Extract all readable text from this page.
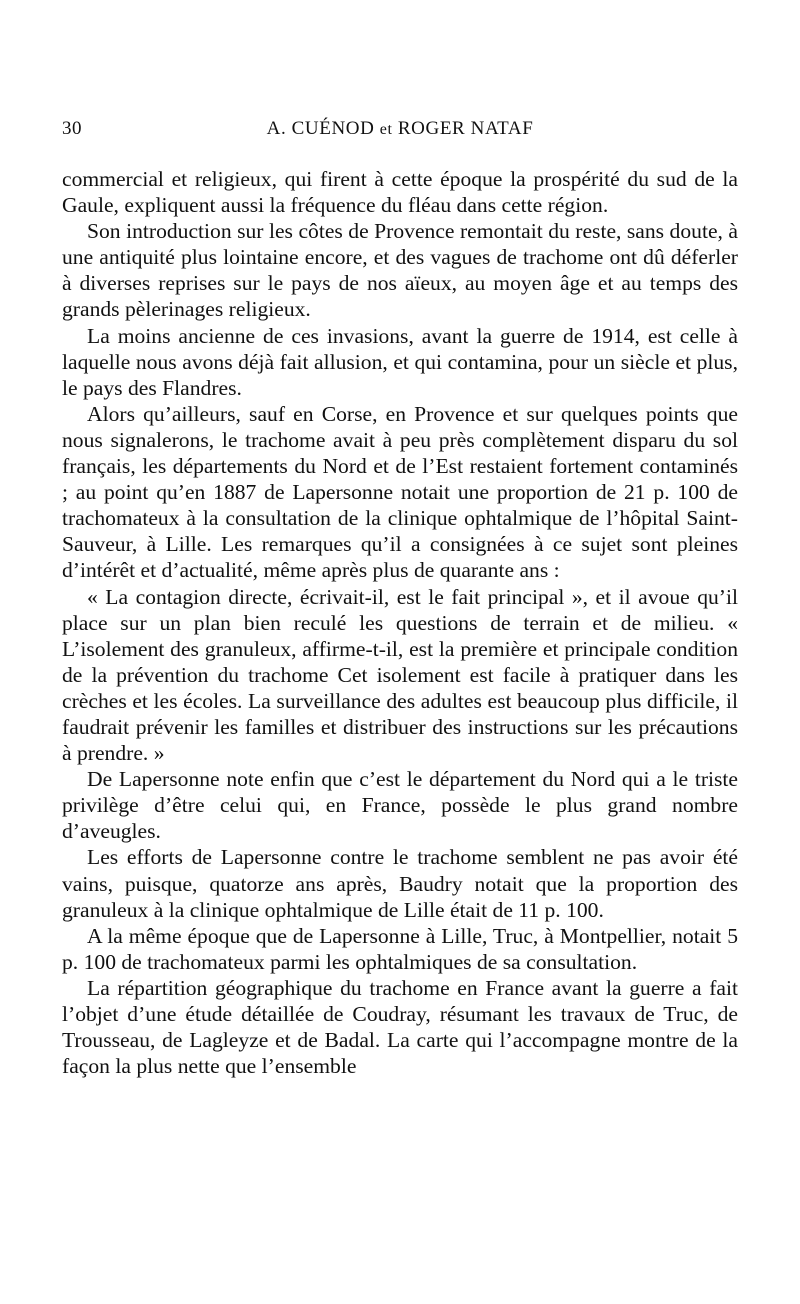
30	A. CUÉNOD et ROGER NATAF

commercial et religieux, qui firent à cette époque la prospérité du sud de la Gaule, expliquent aussi la fréquence du fléau dans cette région.

Son introduction sur les côtes de Provence remontait du reste, sans doute, à une antiquité plus lointaine encore, et des vagues de trachome ont dû déferler à diverses reprises sur le pays de nos aïeux, au moyen âge et au temps des grands pèlerinages religieux.

La moins ancienne de ces invasions, avant la guerre de 1914, est celle à laquelle nous avons déjà fait allusion, et qui contamina, pour un siècle et plus, le pays des Flandres.

Alors qu’ailleurs, sauf en Corse, en Provence et sur quelques points que nous signalerons, le trachome avait à peu près complètement disparu du sol français, les départements du Nord et de l’Est restaient fortement contaminés ; au point qu’en 1887 de Lapersonne notait une proportion de 21 p. 100 de trachomateux à la consultation de la clinique ophtalmique de l’hôpital Saint-Sauveur, à Lille. Les remarques qu’il a consignées à ce sujet sont pleines d’intérêt et d’actualité, même après plus de quarante ans :

« La contagion directe, écrivait-il, est le fait principal », et il avoue qu’il place sur un plan bien reculé les questions de terrain et de milieu. « L’isolement des granuleux, affirme-t-il, est la première et principale condition de la prévention du trachome Cet isolement est facile à pratiquer dans les crèches et les écoles. La surveillance des adultes est beaucoup plus difficile, il faudrait prévenir les familles et distribuer des instructions sur les précautions à prendre. »

De Lapersonne note enfin que c’est le département du Nord qui a le triste privilège d’être celui qui, en France, possède le plus grand nombre d’aveugles.

Les efforts de Lapersonne contre le trachome semblent ne pas avoir été vains, puisque, quatorze ans après, Baudry notait que la proportion des granuleux à la clinique ophtalmique de Lille était de 11 p. 100.

A la même époque que de Lapersonne à Lille, Truc, à Montpellier, notait 5 p. 100 de trachomateux parmi les ophtalmiques de sa consultation.

La répartition géographique du trachome en France avant la guerre a fait l’objet d’une étude détaillée de Coudray, résumant les travaux de Truc, de Trousseau, de Lagleyze et de Badal. La carte qui l’accompagne montre de la façon la plus nette que l’ensemble
